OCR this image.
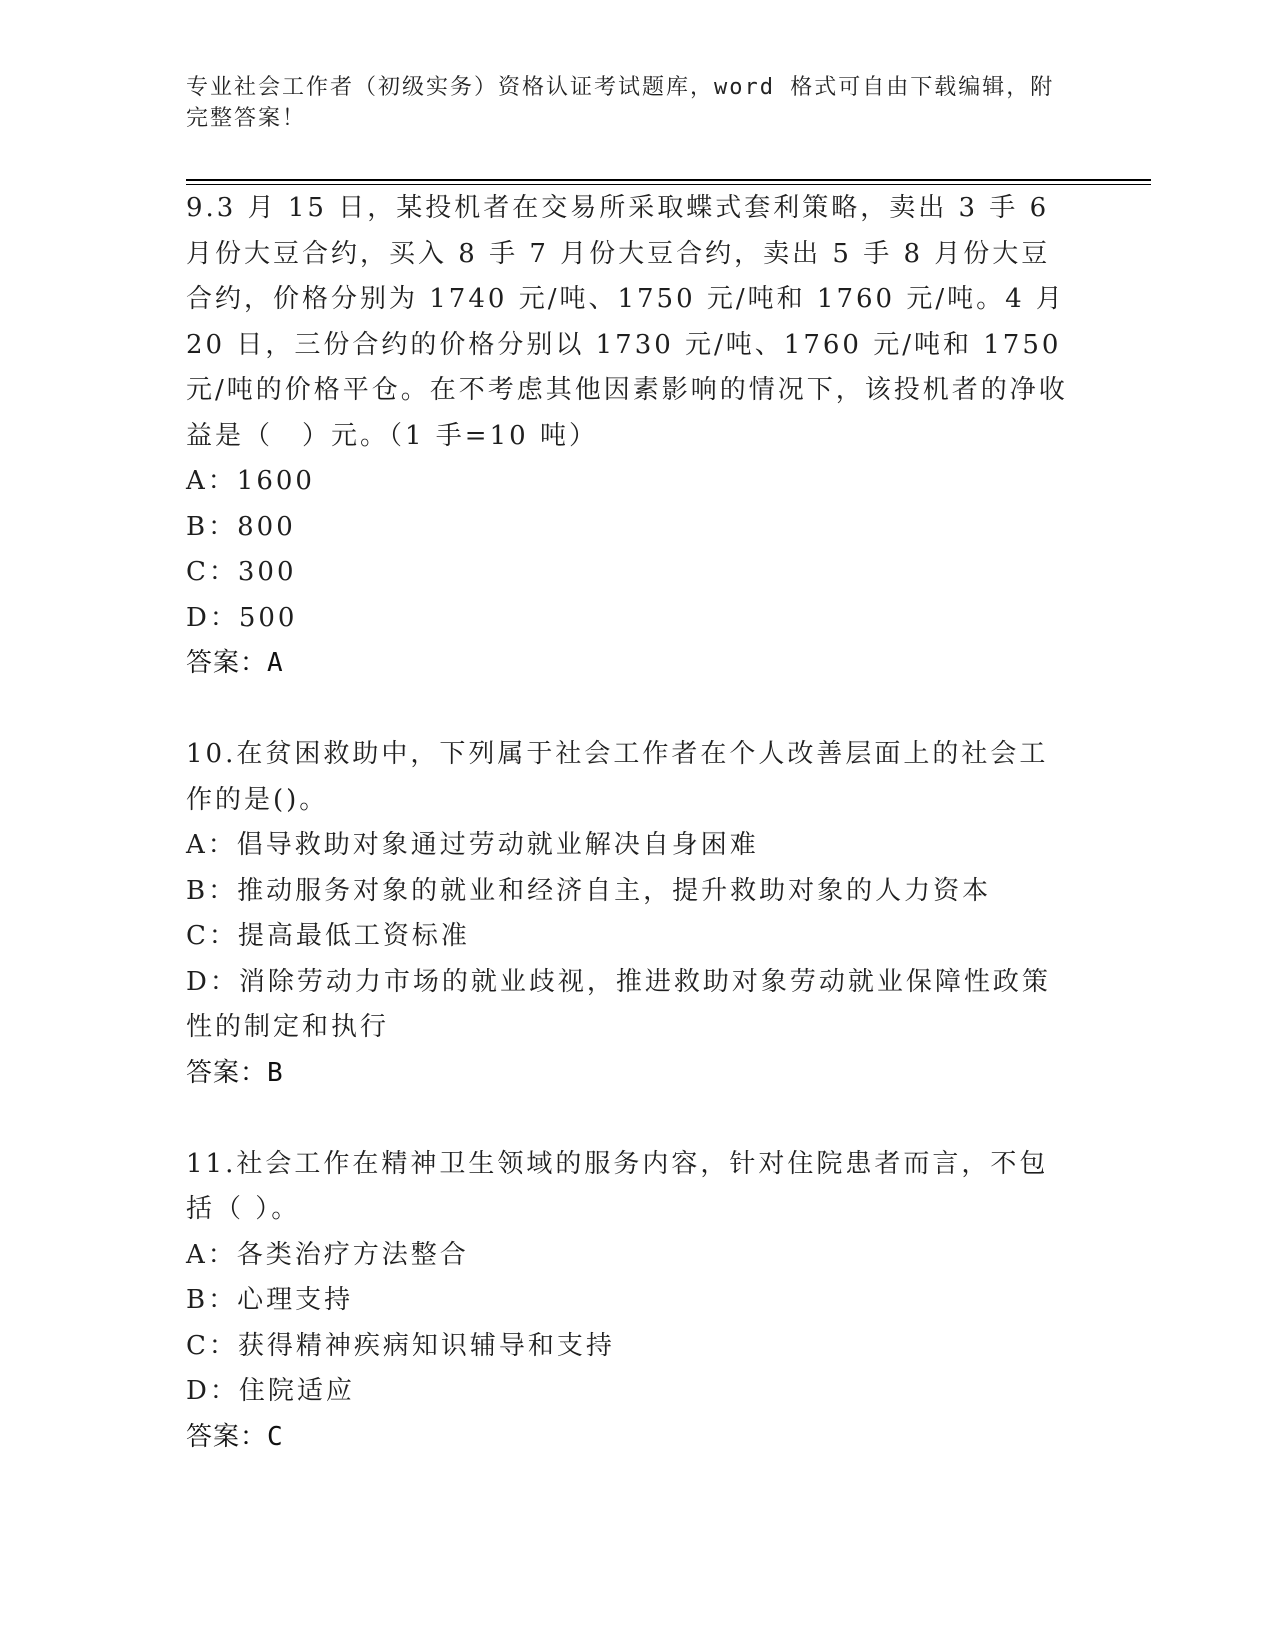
专业社会工作者（初级实务）资格认证考试题库，word 格式可自由下载编辑，附
完整答案！

9.3 月 15 日，某投机者在交易所采取蝶式套利策略，卖出 3 手 6 月份大豆合约，买入 8 手 7 月份大豆合约，卖出 5 手 8 月份大豆合约，价格分别为 1740 元/吨、1750 元/吨和 1760 元/吨。4 月 20 日，三份合约的价格分别以 1730 元/吨、1760 元/吨和 1750 元/吨的价格平仓。在不考虑其他因素影响的情况下，该投机者的净收益是（　）元。（1 手=10 吨）

A：1600

B：800

C：300

D：500

答案：A

10.在贫困救助中，下列属于社会工作者在个人改善层面上的社会工作的是()。

A：倡导救助对象通过劳动就业解决自身困难

B：推动服务对象的就业和经济自主，提升救助对象的人力资本

C：提高最低工资标准

D：消除劳动力市场的就业歧视，推进救助对象劳动就业保障性政策性的制定和执行

答案：B

11.社会工作在精神卫生领域的服务内容，针对住院患者而言，不包括（ ）。

A：各类治疗方法整合

B：心理支持

C：获得精神疾病知识辅导和支持

D：住院适应

答案：C
